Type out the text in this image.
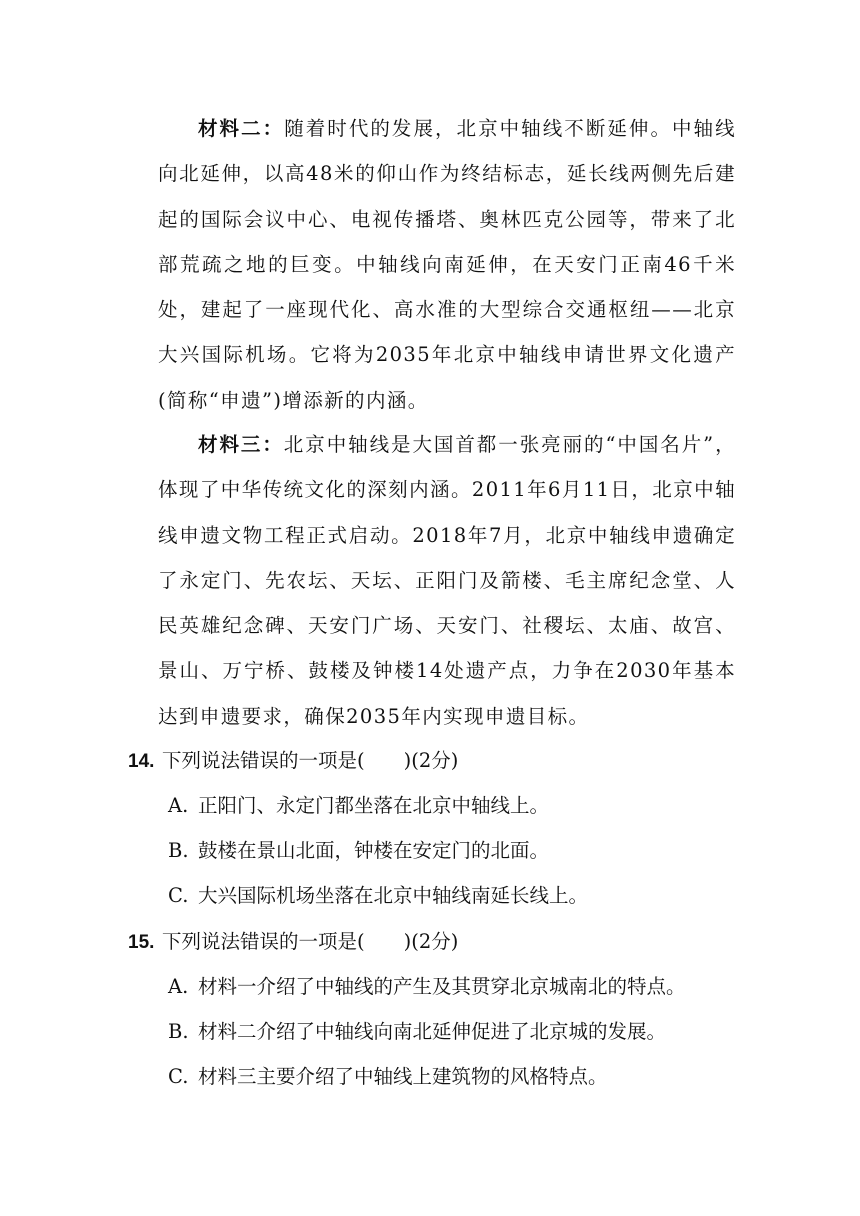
材料二：随着时代的发展，北京中轴线不断延伸。中轴线向北延伸，以高48米的仰山作为终结标志，延长线两侧先后建起的国际会议中心、电视传播塔、奥林匹克公园等，带来了北部荒疏之地的巨变。中轴线向南延伸，在天安门正南46千米处，建起了一座现代化、高水准的大型综合交通枢纽——北京大兴国际机场。它将为2035年北京中轴线申请世界文化遗产(简称“申遗”)增添新的内涵。

材料三：北京中轴线是大国首都一张亮丽的“中国名片”，体现了中华传统文化的深刻内涵。2011年6月11日，北京中轴线申遗文物工程正式启动。2018年7月，北京中轴线申遗确定了永定门、先农坛、天坛、正阳门及箭楼、毛主席纪念堂、人民英雄纪念碑、天安门广场、天安门、社稷坛、太庙、故宫、景山、万宁桥、鼓楼及钟楼14处遗产点，力争在2030年基本达到申遗要求，确保2035年内实现申遗目标。

14. 下列说法错误的一项是(　　)(2分)
A. 正阳门、永定门都坐落在北京中轴线上。
B. 鼓楼在景山北面，钟楼在安定门的北面。
C. 大兴国际机场坐落在北京中轴线南延长线上。
15. 下列说法错误的一项是(　　)(2分)
A. 材料一介绍了中轴线的产生及其贯穿北京城南北的特点。
B. 材料二介绍了中轴线向南北延伸促进了北京城的发展。
C. 材料三主要介绍了中轴线上建筑物的风格特点。
